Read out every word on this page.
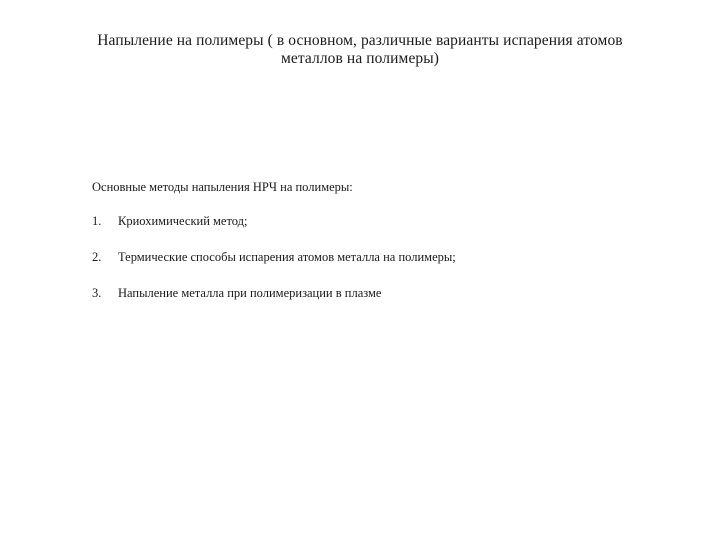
Напыление на полимеры ( в основном, различные варианты испарения атомов
металлов на полимеры)

Основные методы напыления НРЧ на полимеры:

1.	Криохимический метод;
2.	Термические способы испарения атомов металла на полимеры;
3.	Напыление металла при полимеризации в плазме
